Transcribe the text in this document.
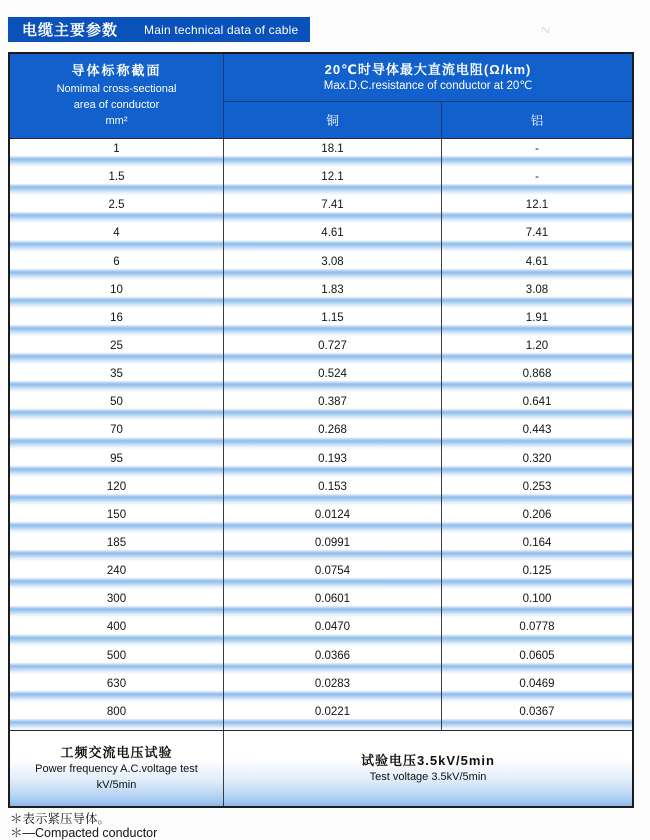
电缆主要参数 Main technical data of cable	∿
导体标称截面
Nomimal cross-sectional
area of conductor
mm²
20℃时导体最大直流电阻(Ω/km)
Max.D.C.resistance of conductor at 20℃
铜	铝
1	18.1	-
1.5	12.1	-
2.5	7.41	12.1
4	4.61	7.41
6	3.08	4.61
10	1.83	3.08
16	1.15	1.91
25	0.727	1.20
35	0.524	0.868
50	0.387	0.641
70	0.268	0.443
95	0.193	0.320
120	0.153	0.253
150	0.0124	0.206
185	0.0991	0.164
240	0.0754	0.125
300	0.0601	0.100
400	0.0470	0.0778
500	0.0366	0.0605
630	0.0283	0.0469
800	0.0221	0.0367
工频交流电压试验
Power frequency A.C.voltage test
kV/5min
试验电压3.5kV/5min
Test voltage 3.5kV/5min
＊表示紧压导体。
＊—Compacted conductor
